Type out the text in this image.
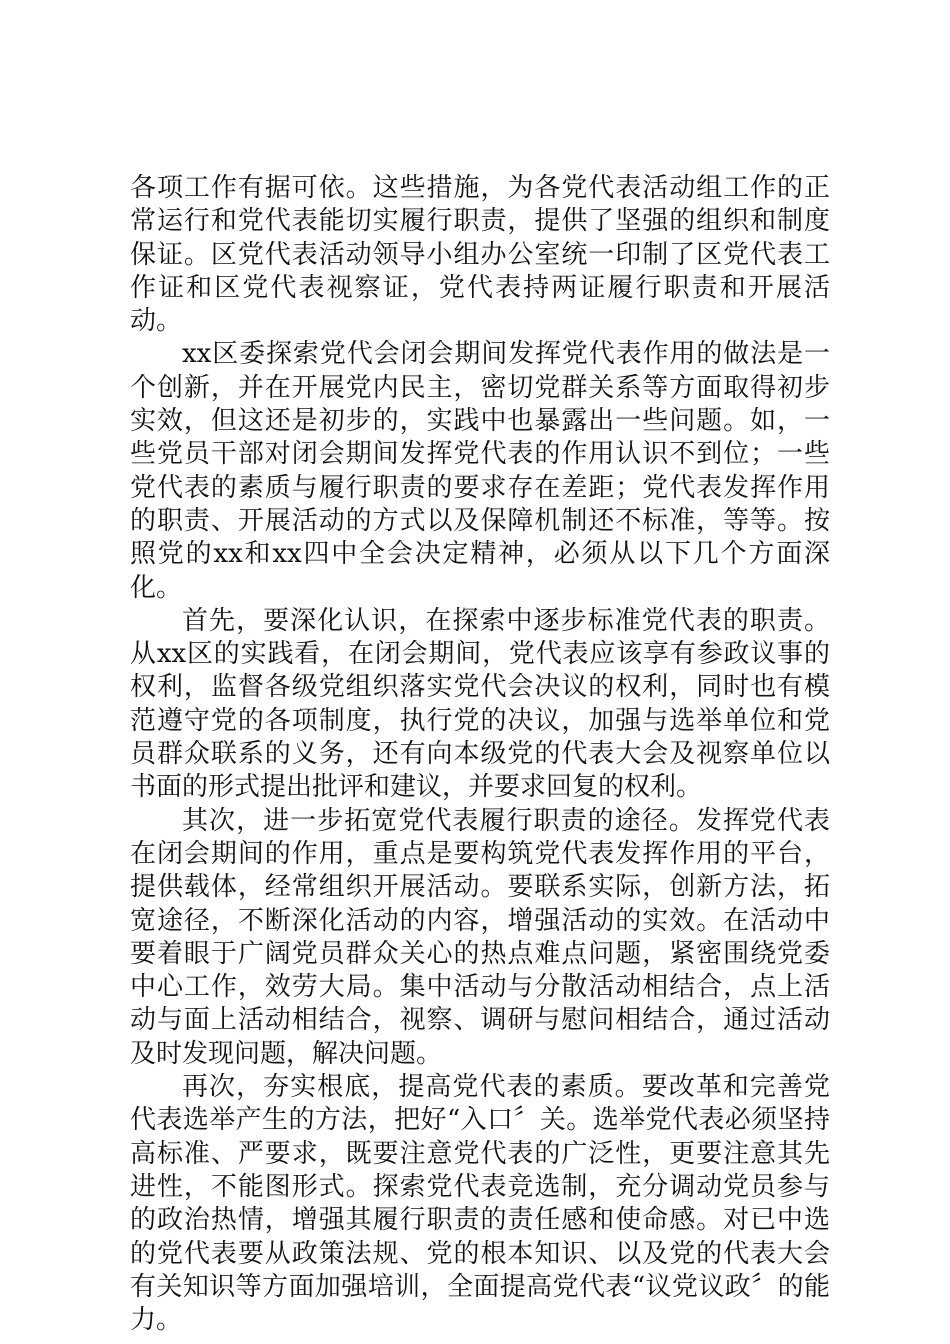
各项工作有据可依。这些措施，为各党代表活动组工作的正常运行和党代表能切实履行职责，提供了坚强的组织和制度保证。区党代表活动领导小组办公室统一印制了区党代表工作证和区党代表视察证，党代表持两证履行职责和开展活动。

xx区委探索党代会闭会期间发挥党代表作用的做法是一个创新，并在开展党内民主，密切党群关系等方面取得初步实效，但这还是初步的，实践中也暴露出一些问题。如，一些党员干部对闭会期间发挥党代表的作用认识不到位；一些党代表的素质与履行职责的要求存在差距；党代表发挥作用的职责、开展活动的方式以及保障机制还不标准，等等。按照党的xx和xx四中全会决定精神，必须从以下几个方面深化。

首先，要深化认识，在探索中逐步标准党代表的职责。从xx区的实践看，在闭会期间，党代表应该享有参政议事的权利，监督各级党组织落实党代会决议的权利，同时也有模范遵守党的各项制度，执行党的决议，加强与选举单位和党员群众联系的义务，还有向本级党的代表大会及视察单位以书面的形式提出批评和建议，并要求回复的权利。

其次，进一步拓宽党代表履行职责的途径。发挥党代表在闭会期间的作用，重点是要构筑党代表发挥作用的平台，提供载体，经常组织开展活动。要联系实际，创新方法，拓宽途径，不断深化活动的内容，增强活动的实效。在活动中要着眼于广阔党员群众关心的热点难点问题，紧密围绕党委中心工作，效劳大局。集中活动与分散活动相结合，点上活动与面上活动相结合，视察、调研与慰问相结合，通过活动及时发现问题，解决问题。

再次，夯实根底，提高党代表的素质。要改革和完善党代表选举产生的方法，把好“入口〞关。选举党代表必须坚持高标准、严要求，既要注意党代表的广泛性，更要注意其先进性，不能图形式。探索党代表竞选制，充分调动党员参与的政治热情，增强其履行职责的责任感和使命感。对已中选的党代表要从政策法规、党的根本知识、以及党的代表大会有关知识等方面加强培训，全面提高党代表“议党议政〞的能力。
